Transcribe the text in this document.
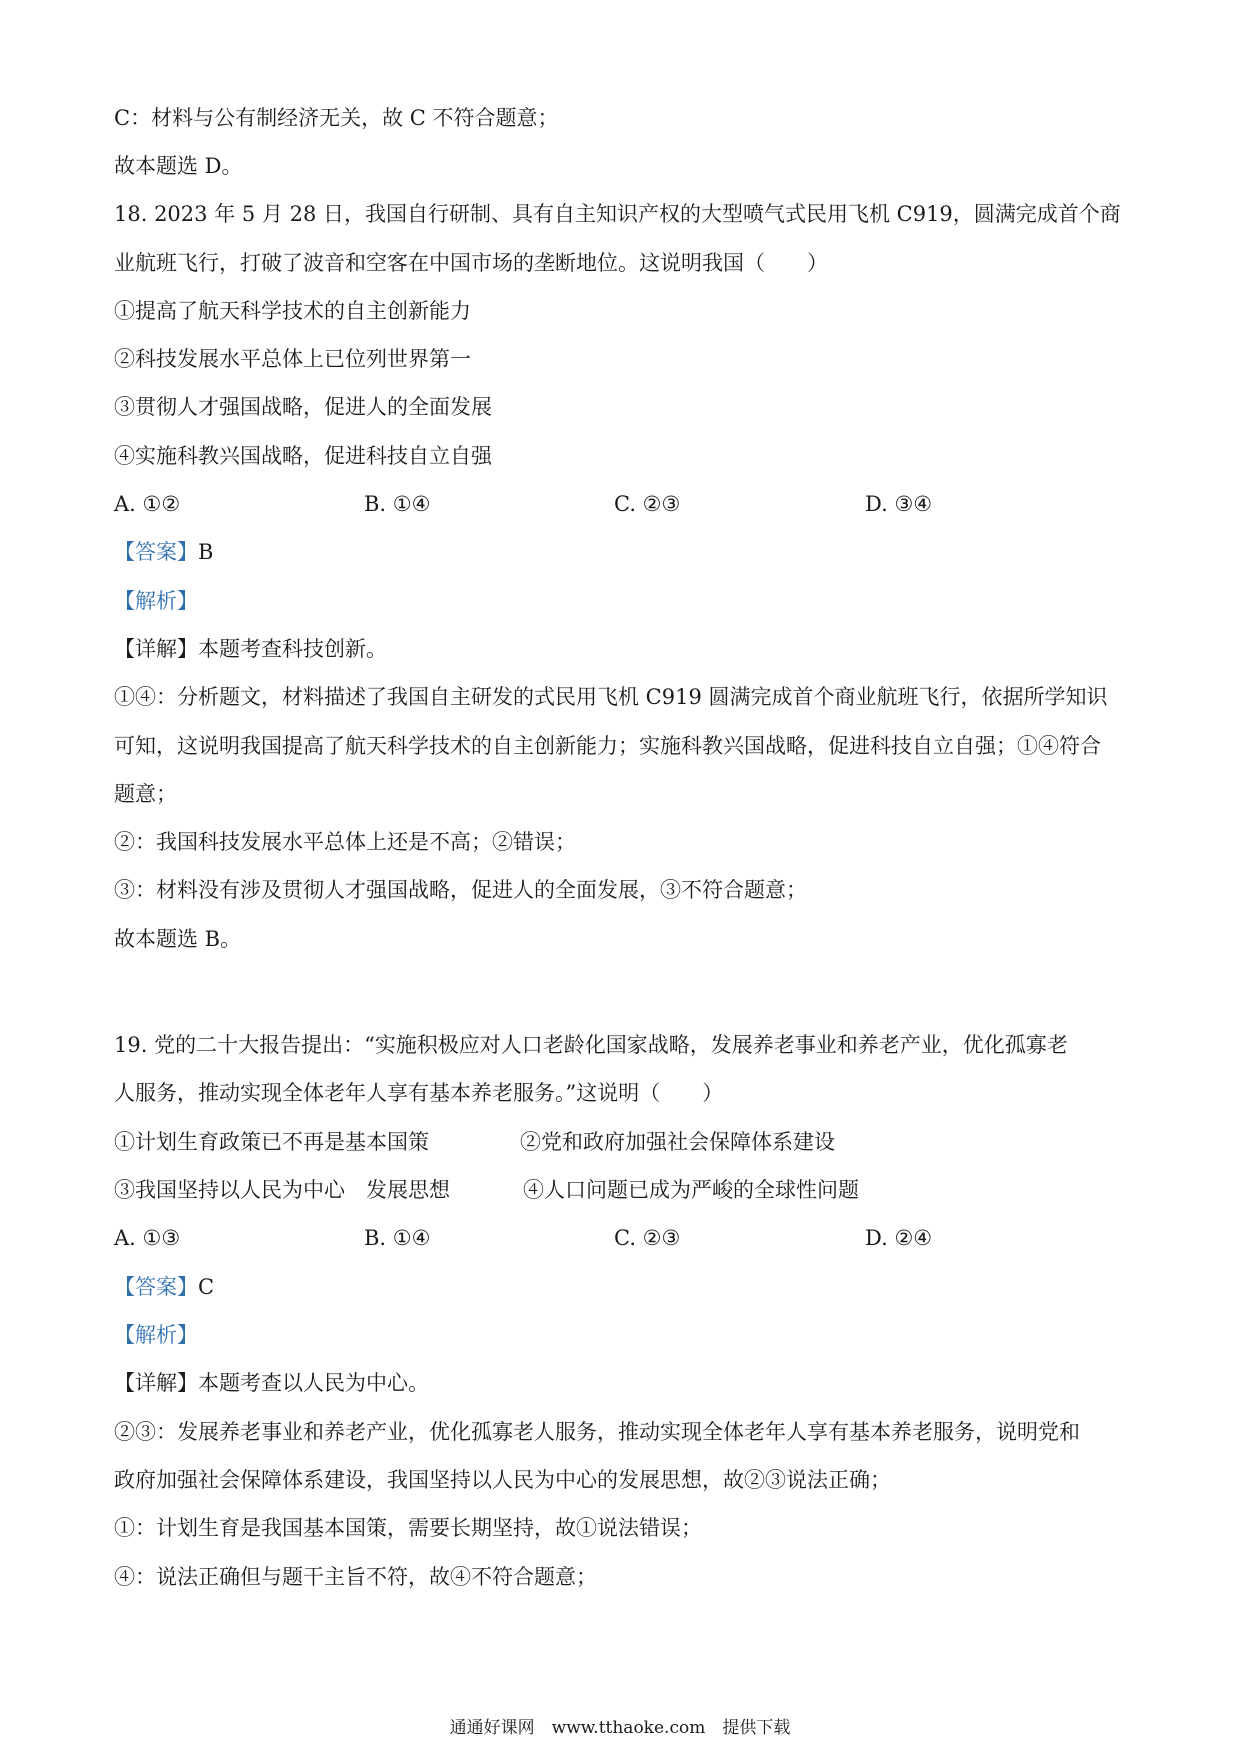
C：材料与公有制经济无关，故 C 不符合题意；
故本题选 D。
18. 2023 年 5 月 28 日，我国自行研制、具有自主知识产权的大型喷气式民用飞机 C919，圆满完成首个商
业航班飞行，打破了波音和空客在中国市场的垄断地位。这说明我国（　　）
①提高了航天科学技术的自主创新能力
②科技发展水平总体上已位列世界第一
③贯彻人才强国战略，促进人的全面发展
④实施科教兴国战略，促进科技自立自强
A. ①②	B. ①④	C. ②③	D. ③④
【答案】B
【解析】
【详解】本题考查科技创新。
①④：分析题文，材料描述了我国自主研发的式民用飞机 C919 圆满完成首个商业航班飞行，依据所学知识
可知，这说明我国提高了航天科学技术的自主创新能力；实施科教兴国战略，促进科技自立自强；①④符合
题意；
②：我国科技发展水平总体上还是不高；②错误；
③：材料没有涉及贯彻人才强国战略，促进人的全面发展，③不符合题意；
故本题选 B。
19. 党的二十大报告提出：“实施积极应对人口老龄化国家战略，发展养老事业和养老产业，优化孤寡老
人服务，推动实现全体老年人享有基本养老服务。”这说明（　　）
①计划生育政策已不再是基本国策	②党和政府加强社会保障体系建设
③我国坚持以人民为中心　发展思想	④人口问题已成为严峻的全球性问题
A. ①③	B. ①④	C. ②③	D. ②④
【答案】C
【解析】
【详解】本题考查以人民为中心。
②③：发展养老事业和养老产业，优化孤寡老人服务，推动实现全体老年人享有基本养老服务，说明党和
政府加强社会保障体系建设，我国坚持以人民为中心的发展思想，故②③说法正确；
①：计划生育是我国基本国策，需要长期坚持，故①说法错误；
④：说法正确但与题干主旨不符，故④不符合题意；
通通好课网　www.tthaoke.com　提供下载
